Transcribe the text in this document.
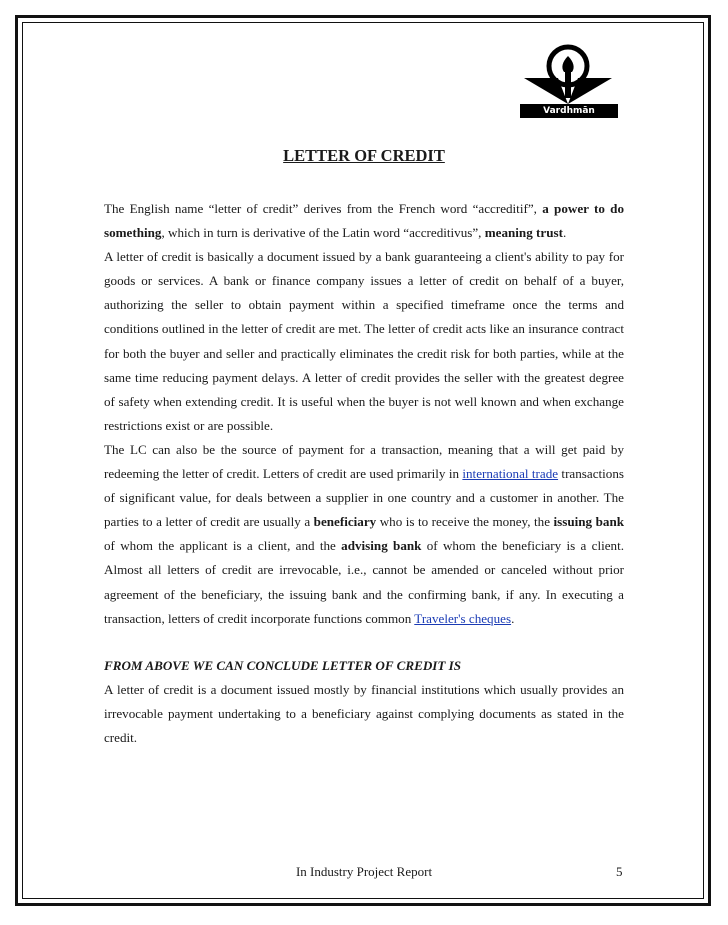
Vardhmān
LETTER OF CREDIT

The English name “letter of credit” derives from the French word “accreditif”, a power to do something, which in turn is derivative of the Latin word “accreditivus”, meaning trust.

A letter of credit is basically a document issued by a bank guaranteeing a client's ability to pay for goods or services. A bank or finance company issues a letter of credit on behalf of a buyer, authorizing the seller to obtain payment within a specified timeframe once the terms and conditions outlined in the letter of credit are met. The letter of credit acts like an insurance contract for both the buyer and seller and practically eliminates the credit risk for both parties, while at the same time reducing payment delays. A letter of credit provides the seller with the greatest degree of safety when extending credit. It is useful when the buyer is not well known and when exchange restrictions exist or are possible.

The LC can also be the source of payment for a transaction, meaning that a will get paid by redeeming the letter of credit. Letters of credit are used primarily in international trade transactions of significant value, for deals between a supplier in one country and a customer in another. The parties to a letter of credit are usually a beneficiary who is to receive the money, the issuing bank of whom the applicant is a client, and the advising bank of whom the beneficiary is a client. Almost all letters of credit are irrevocable, i.e., cannot be amended or canceled without prior agreement of the beneficiary, the issuing bank and the confirming bank, if any. In executing a transaction, letters of credit incorporate functions common Traveler's cheques.

FROM ABOVE WE CAN CONCLUDE LETTER OF CREDIT IS

A letter of credit is a document issued mostly by financial institutions which usually provides an irrevocable payment undertaking to a beneficiary against complying documents as stated in the credit.

In Industry Project Report	5
